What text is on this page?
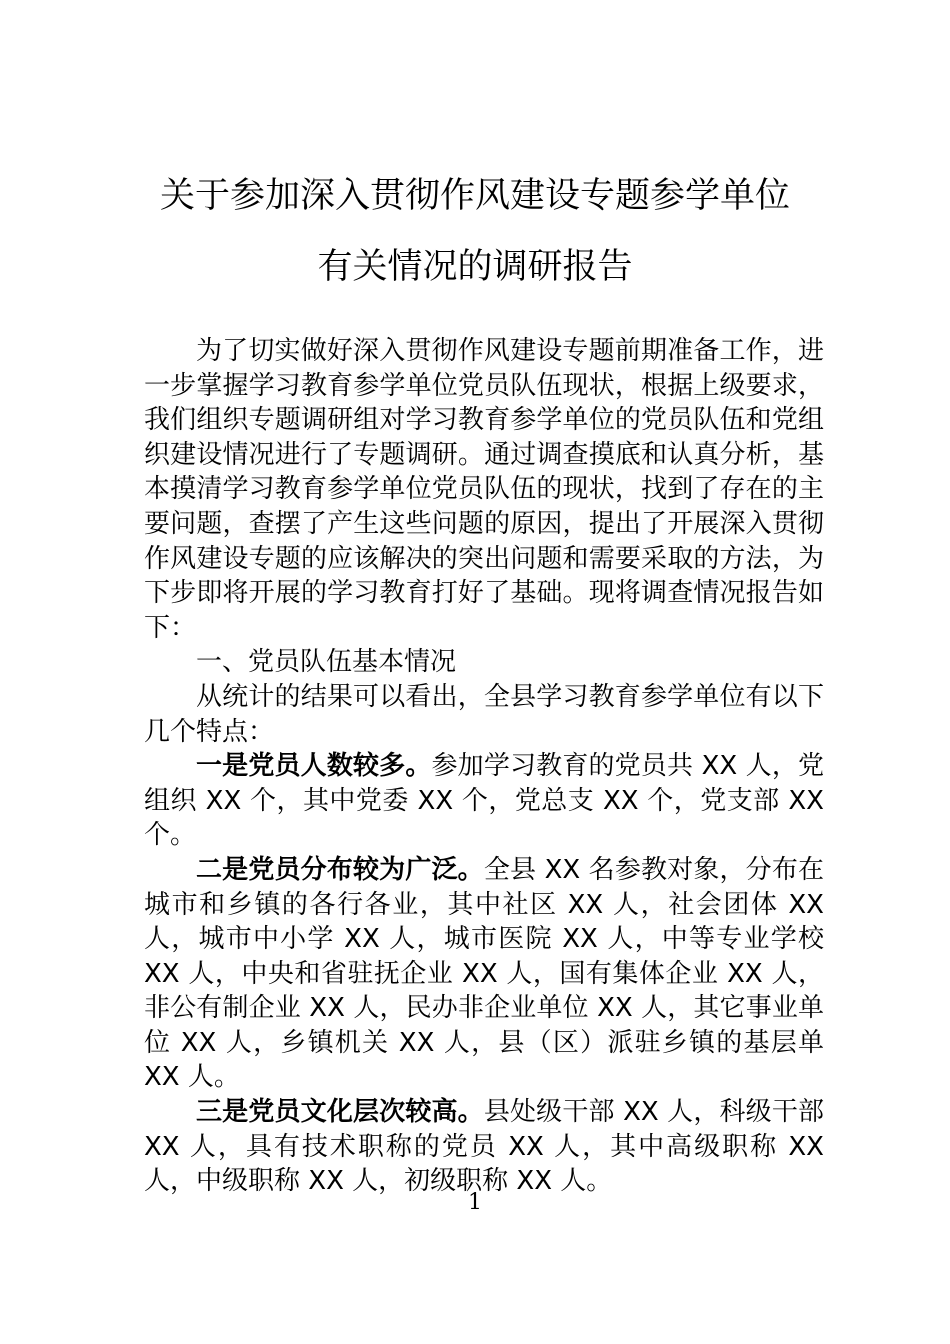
关于参加深入贯彻作风建设专题参学单位
有关情况的调研报告

为了切实做好深入贯彻作风建设专题前期准备工作，进一步掌握学习教育参学单位党员队伍现状，根据上级要求，我们组织专题调研组对学习教育参学单位的党员队伍和党组织建设情况进行了专题调研。通过调查摸底和认真分析，基本摸清学习教育参学单位党员队伍的现状，找到了存在的主要问题，查摆了产生这些问题的原因，提出了开展深入贯彻作风建设专题的应该解决的突出问题和需要采取的方法，为下步即将开展的学习教育打好了基础。现将调查情况报告如下：

一、党员队伍基本情况

从统计的结果可以看出，全县学习教育参学单位有以下几个特点：

一是党员人数较多。参加学习教育的党员共 XX 人，党组织 XX 个，其中党委 XX 个，党总支 XX 个，党支部 XX 个。

二是党员分布较为广泛。全县 XX 名参教对象，分布在城市和乡镇的各行各业，其中社区 XX 人，社会团体 XX 人，城市中小学 XX 人，城市医院 XX 人，中等专业学校 XX 人，中央和省驻抚企业 XX 人，国有集体企业 XX 人，非公有制企业 XX 人，民办非企业单位 XX 人，其它事业单位 XX 人，乡镇机关 XX 人，县（区）派驻乡镇的基层单 XX 人。

三是党员文化层次较高。县处级干部 XX 人，科级干部 XX 人，具有技术职称的党员 XX 人，其中高级职称 XX 人，中级职称 XX 人，初级职称 XX 人。

1
